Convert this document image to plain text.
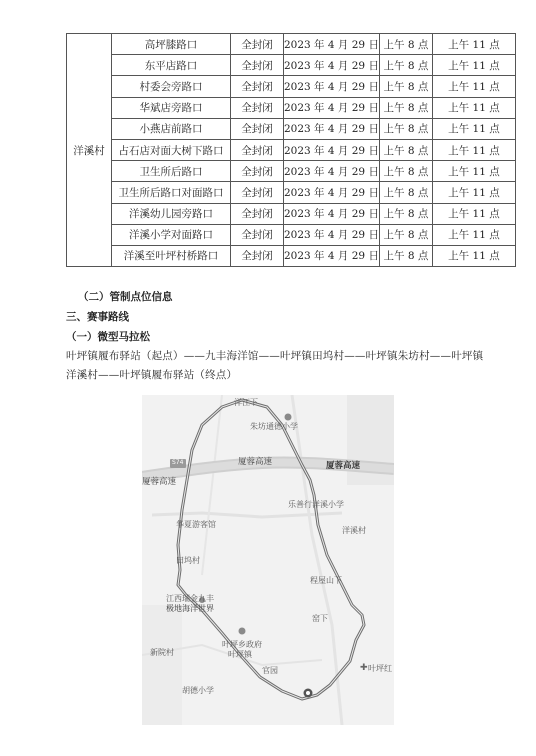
洋溪村	高坪膝路口	全封闭	2023 年 4 月 29 日	上午 8 点	上午 11 点
	东平店路口	全封闭	2023 年 4 月 29 日	上午 8 点	上午 11 点
	村委会旁路口	全封闭	2023 年 4 月 29 日	上午 8 点	上午 11 点
	华斌店旁路口	全封闭	2023 年 4 月 29 日	上午 8 点	上午 11 点
	小燕店前路口	全封闭	2023 年 4 月 29 日	上午 8 点	上午 11 点
	占石店对面大树下路口	全封闭	2023 年 4 月 29 日	上午 8 点	上午 11 点
	卫生所后路口	全封闭	2023 年 4 月 29 日	上午 8 点	上午 11 点
	卫生所后路口对面路口	全封闭	2023 年 4 月 29 日	上午 8 点	上午 11 点
	洋溪幼儿园旁路口	全封闭	2023 年 4 月 29 日	上午 8 点	上午 11 点
	洋溪小学对面路口	全封闭	2023 年 4 月 29 日	上午 8 点	上午 11 点
	洋溪至叶坪村桥路口	全封闭	2023 年 4 月 29 日	上午 8 点	上午 11 点
（二）管制点位信息
三、赛事路线
（一）微型马拉松
叶坪镇履布驿站（起点）——九丰海洋馆——叶坪镇田坞村——叶坪镇朱坊村——叶坪镇洋溪村——叶坪镇履布驿站（终点）
✚
洋江下
朱坊通德小学
厦蓉高速
厦蓉高速	厦蓉高速
S74
乐善行洋溪小学
华夏游客馆
洋溪村
田坞村
程屋山下
江西瑞金九丰
极地海洋世界
窑下
叶坪乡政府
叶坪镇
新院村
叶坪红
官园
胡德小学
